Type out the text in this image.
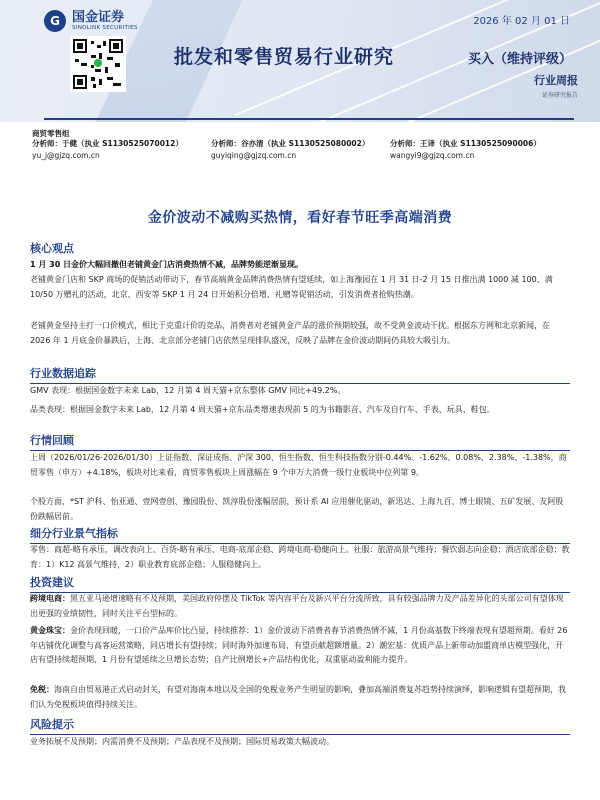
G 国金证券
SINOLINK SECURITIES
2026 年 02 月 01 日
批发和零售贸易行业研究	买入（维持评级）
行业周报
证券研究报告
商贸零售组
分析师：于健（执业 S1130525070012）
yu_j@gjzq.com.cn
分析师：谷亦清（执业 S1130525080002）
guyiqing@gjzq.com.cn
分析师：王译（执业 S1130525090006）
wangyi9@gjzq.com.cn
金价波动不减购买热情，看好春节旺季高端消费
核心观点
1 月 30 日金价大幅回撤但老铺黄金门店消费热情不减，品牌势能逆渐显现。
老铺黄金门店和 SKP 商场的促销活动带动下，春节高端黄金品牌消费热情有望延续，如上海豫园在 1 月 31 日-2 月 15 日推出满 1000 减 100、满 10/50 万赠礼的活动，北京、西安等 SKP 1 月 24 日开始积分倍增、礼赠等促销活动，引发消费者抢购热潮。
老铺黄金坚持主打一口价模式，相比于克重计价的竞品，消费者对老铺黄金产品的涨价预期较强，故不受黄金波动干扰。根据东方网和北京新闻，在 2026 年 1 月底金价暴跌后，上海、北京部分老铺门店依然呈现排队盛况，反映了品牌在金价波动期间仍具较大吸引力。
行业数据追踪
GMV 表现：根据国金数字未来 Lab，12 月第 4 周天猫+京东整体 GMV 同比+49.2%。
品类表现：根据国金数字未来 Lab，12 月第 4 周天猫+京东品类增速表现前 5 的为书籍影音、汽车及自行车、手表、玩具、鞋包。
行情回顾
上周（2026/01/26-2026/01/30）上证指数、深证成指、沪深 300、恒生指数、恒生科技指数分别-0.44%、-1.62%、0.08%、2.38%、-1.38%，商贸零售（申万）+4.18%，板块对比来看，商贸零售板块上周涨幅在 9 个申万大消费一级行业板块中位列第 9。
个股方面，*ST 沪科、怡亚通、壹网壹创、豫园股份、凯淳股份涨幅居前，预计系 AI 应用催化驱动，新迅达、上海九百、博士眼镜、五矿发展、友阿股份跌幅居前。
细分行业景气指标
零售：商超-略有承压，调改表向上、百货-略有承压、电商-底部企稳、跨境电商-稳健向上。社服：旅游高景气维持；餐饮弱志向企稳；酒店底部企稳；教育：1）K12 高景气维持，2）职业教育底部企稳；人服稳健向上。
投资建议
跨境电商：黑五亚马逊增速略有不及预期，美国政府停摆及 TikTok 等内容平台及新兴平台分流所致，具有较强品牌力及产品差异化的头部公司有望体现出更强的业绩韧性，同时关注平台型标的。
黄金珠宝：金价表现回暖，一口价产品库价比凸显，持续推荐：1）金价波动下消费者春节消费热情不减，1 月份高基数下终端表现有望超预期。看好 26 年店铺优化调整与高客运营策略，同店增长有望持续；同时海外加速布局，有望贡献超额增量。2）潮宏基：优质产品上新带动加盟商单店模型强化，开店有望持续超预期，1 月份有望延续之旦增长态势；自产比例增长+产品结构优化，双重驱动盈利能力提升。
免税：海南自由贸易港正式启动封关，有望对海南本地以及全国的免税业务产生明显的影响，叠加高端消费复苏趋势持续演绎，影响逻辑有望超预期，我们认为免税板块值得持续关注。
风险提示
业务拓展不及预期；内需消费不及预期；产品表现不及预期；国际贸易政策大幅波动。
